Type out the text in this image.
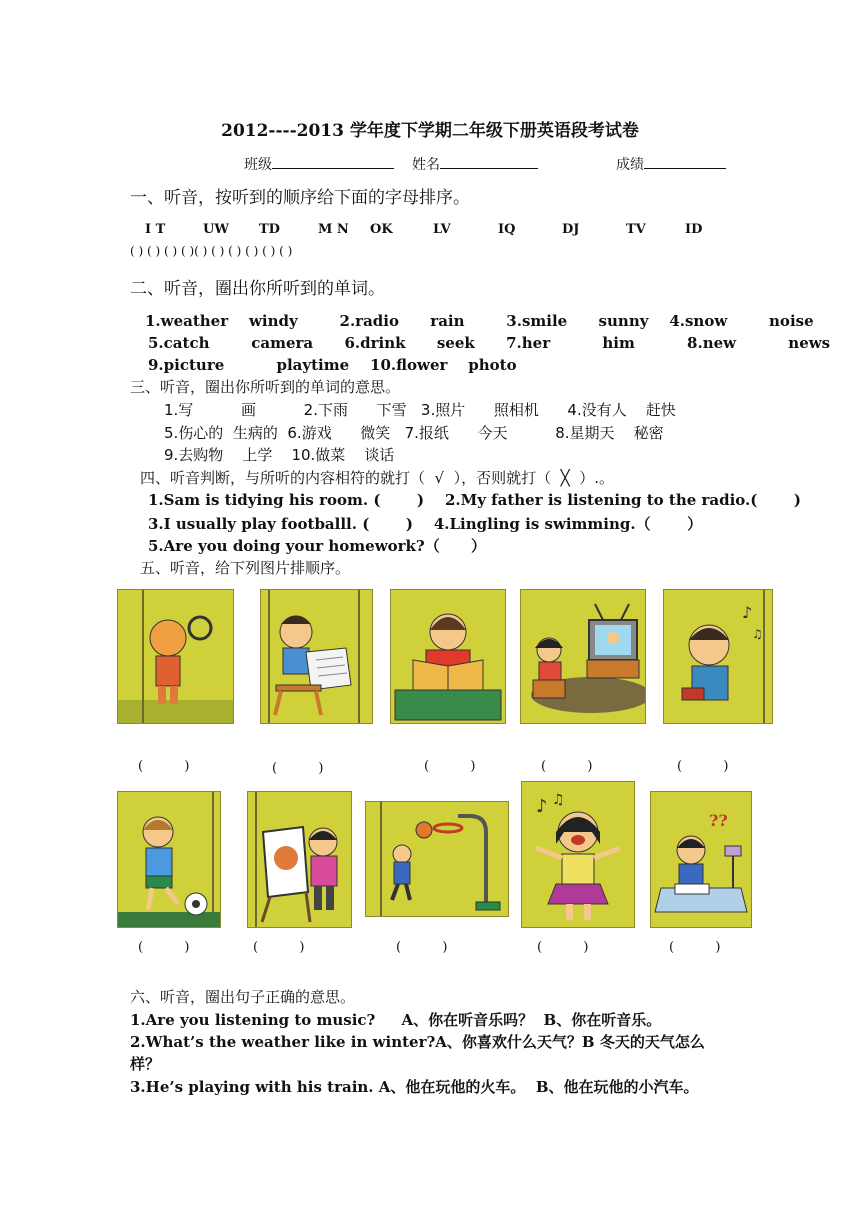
2012----2013 学年度下学期二年级下册英语段考试卷
班级	姓名	成绩
一、听音，按听到的顺序给下面的字母排序。
I T	UW TD	M N OK	LV	IQ	DJ	TV	ID
( ) ( ) ( ) ( )( ) ( ) ( ) ( ) ( ) ( )
二、听音，圈出你所听到的单词。
1.weather    windy        2.radio      rain        3.smile      sunny    4.snow        noise
5.catch        camera      6.drink      seek      7.her          him          8.new          news
9.picture          playtime    10.flower    photo
三、听音，圈出你所听到的单词的意思。
1.写          画          2.下雨      下雪   3.照片      照相机      4.没有人    赶快
5.伤心的  生病的  6.游戏      微笑   7.报纸      今天          8.星期天    秘密
9.去购物    上学    10.做菜    谈话
四、听音判断，与所听的内容相符的就打（  √  ），否则就打（  ╳  ）.。
1.Sam is tidying his room. (       )    2.My father is listening to the radio.(       )
3.I usually play footballl. (       )    4.Lingling is swimming.（       ）
5.Are you doing your homework?（      ）
五、听音，给下列图片排顺序。
♪
♫
(          )	(          )	(          )	(          )	(          )
♪ ♫
??
(          )	(          )	(          )	(          )	(          )
六、听音，圈出句子正确的意思。
1.Are you listening to music?     A、你在听音乐吗？  B、你在听音乐。
2.What’s the weather like in winter?A、你喜欢什么天气？B 冬天的天气怎么
样？
3.He’s playing with his train. A、他在玩他的火车。  B、他在玩他的小汽车。
